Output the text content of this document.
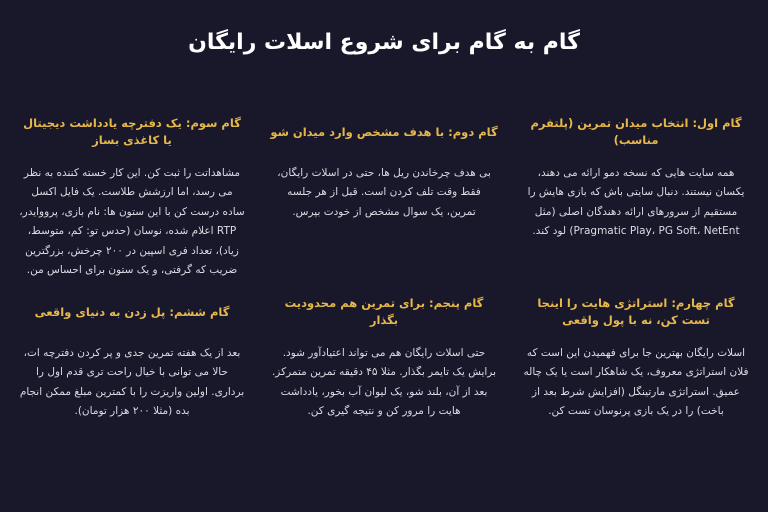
گام به گام برای شروع اسلات رایگان
گام اول: انتخاب میدان تمرین (پلتفرم مناسب)

همه سایت هایی که نسخه دمو ارائه می دهند، یکسان نیستند. دنبال سایتی باش که بازی هایش را مستقیم از سرورهای ارائه دهندگان اصلی (مثل Pragmatic Play، PG Soft، NetEnt) لود کند.

گام دوم: با هدف مشخص وارد میدان شو

بی هدف چرخاندن ریل ها، حتی در اسلات رایگان، فقط وقت تلف کردن است. قبل از هر جلسه تمرین، یک سوال مشخص از خودت بپرس.

گام سوم: یک دفترچه یادداشت دیجیتال یا کاغذی بساز

مشاهداتت را ثبت کن. این کار خسته کننده به نظر می رسد، اما ارزشش طلاست. یک فایل اکسل ساده درست کن با این ستون ها: نام بازی، پرووایدر، RTP اعلام شده، نوسان (حدس تو: کم، متوسط، زیاد)، تعداد فری اسپین در ۲۰۰ چرخش، بزرگترین ضریب که گرفتی، و یک ستون برای احساس من.

گام چهارم: استراتژی هایت را اینجا تست کن، نه با پول واقعی

اسلات رایگان بهترین جا برای فهمیدن این است که فلان استراتژی معروف، یک شاهکار است یا یک چاله عمیق. استراتژی مارتینگل (افزایش شرط بعد از باخت) را در یک بازی پرنوسان تست کن.

گام پنجم: برای تمرین هم محدودیت بگذار

حتی اسلات رایگان هم می تواند اعتیادآور شود. برایش یک تایمر بگذار. مثلا ۴۵ دقیقه تمرین متمرکز. بعد از آن، بلند شو، یک لیوان آب بخور، یادداشت هایت را مرور کن و نتیجه گیری کن.

گام ششم: پل زدن به دنیای واقعی

بعد از یک هفته تمرین جدی و پر کردن دفترچه ات، حالا می توانی با خیال راحت تری قدم اول را برداری. اولین واریزت را با کمترین مبلغ ممکن انجام بده (مثلا ۲۰۰ هزار تومان).
